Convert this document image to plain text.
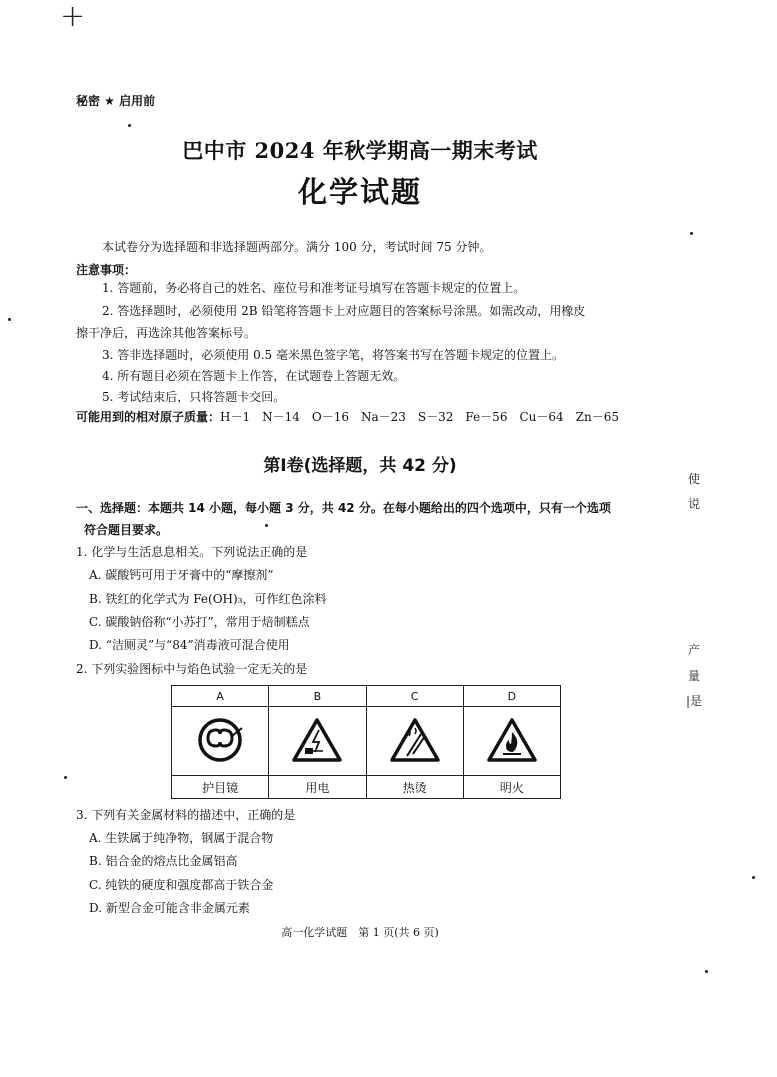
+
秘密 ★ 启用前
巴中市 2024 年秋学期高一期末考试
化学试题
本试卷分为选择题和非选择题两部分。满分 100 分，考试时间 75 分钟。
注意事项：
1. 答题前，务必将自己的姓名、座位号和准考证号填写在答题卡规定的位置上。
2. 答选择题时，必须使用 2B 铅笔将答题卡上对应题目的答案标号涂黑。如需改动，用橡皮
擦干净后，再选涂其他答案标号。
3. 答非选择题时，必须使用 0.5 毫米黑色签字笔，将答案书写在答题卡规定的位置上。
4. 所有题目必须在答题卡上作答，在试题卷上答题无效。
5. 考试结束后，只将答题卡交回。
可能用到的相对原子质量：H－1　N－14　O－16　Na－23　S－32　Fe－56　Cu－64　Zn－65
第Ⅰ卷(选择题，共 42 分)
一、选择题：本题共 14 小题，每小题 3 分，共 42 分。在每小题给出的四个选项中，只有一个选项
符合题目要求。
1. 化学与生活息息相关。下列说法正确的是
A. 碳酸钙可用于牙膏中的“摩擦剂”
B. 铁红的化学式为 Fe(OH)₃，可作红色涂料
C. 碳酸钠俗称“小苏打”，常用于焙制糕点
D. “洁厕灵”与“84”消毒液可混合使用
2. 下列实验图标中与焰色试验一定无关的是
A	B	C	D

护目镜	用电	热烫	明火
3. 下列有关金属材料的描述中，正确的是
A. 生铁属于纯净物，钢属于混合物
B. 铝合金的熔点比金属铝高
C. 纯铁的硬度和强度都高于铁合金
D. 新型合金可能含非金属元素
高一化学试题　第 1 页(共 6 页)
使
说
产
量
|是
